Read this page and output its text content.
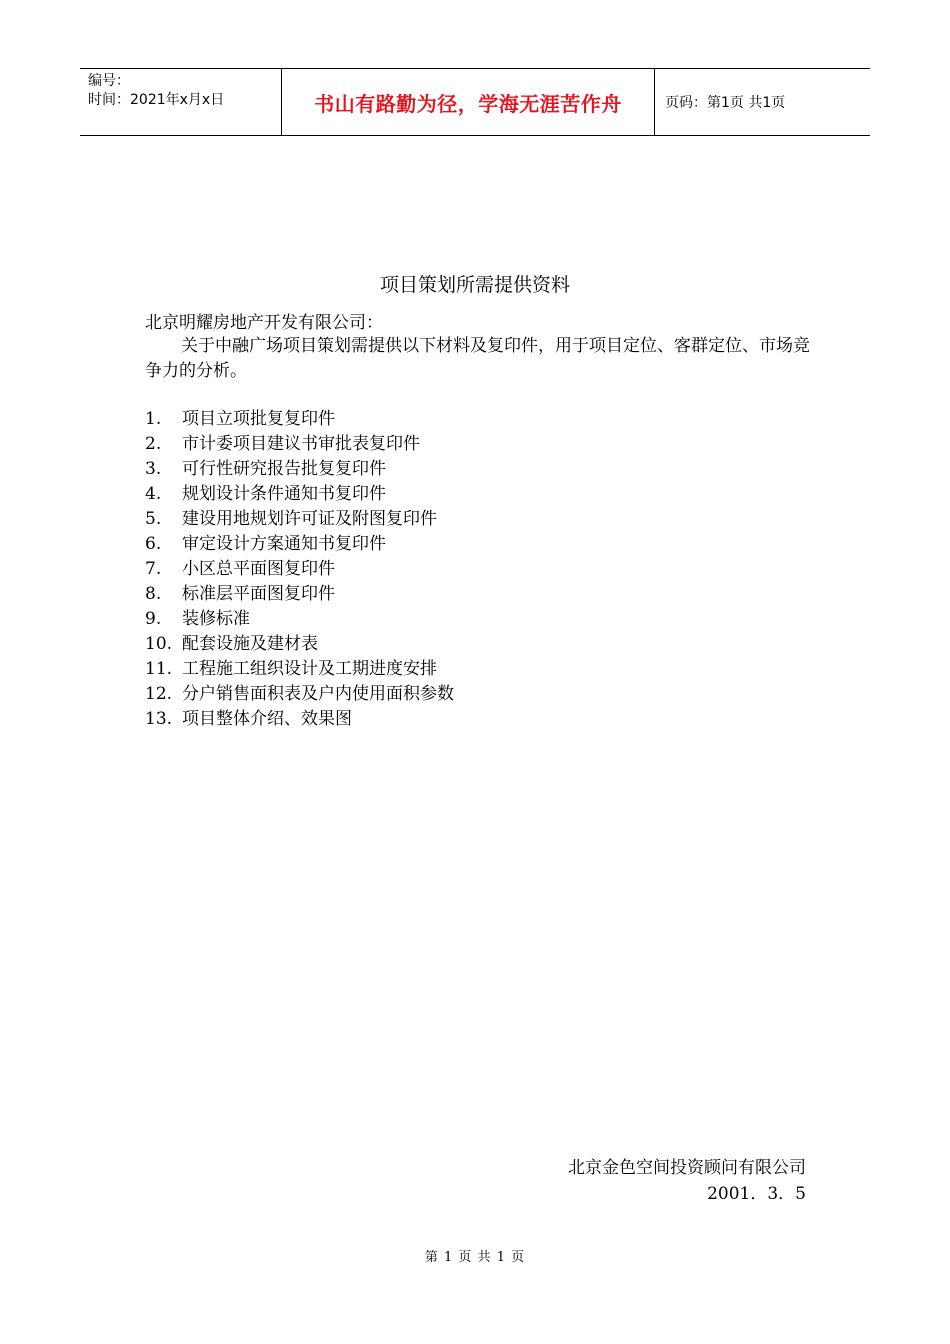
编号：
时间：2021年x月x日	书山有路勤为径，学海无涯苦作舟	页码：第1页 共1页
项目策划所需提供资料
北京明耀房地产开发有限公司：
关于中融广场项目策划需提供以下材料及复印件，用于项目定位、客群定位、市场竞争力的分析。
1.	项目立项批复复印件
2.	市计委项目建议书审批表复印件
3.	可行性研究报告批复复印件
4.	规划设计条件通知书复印件
5.	建设用地规划许可证及附图复印件
6.	审定设计方案通知书复印件
7.	小区总平面图复印件
8.	标准层平面图复印件
9.	装修标准
10. 配套设施及建材表
11. 工程施工组织设计及工期进度安排
12. 分户销售面积表及户内使用面积参数
13. 项目整体介绍、效果图
北京金色空间投资顾问有限公司
2001．3．5
第 1 页 共 1 页
